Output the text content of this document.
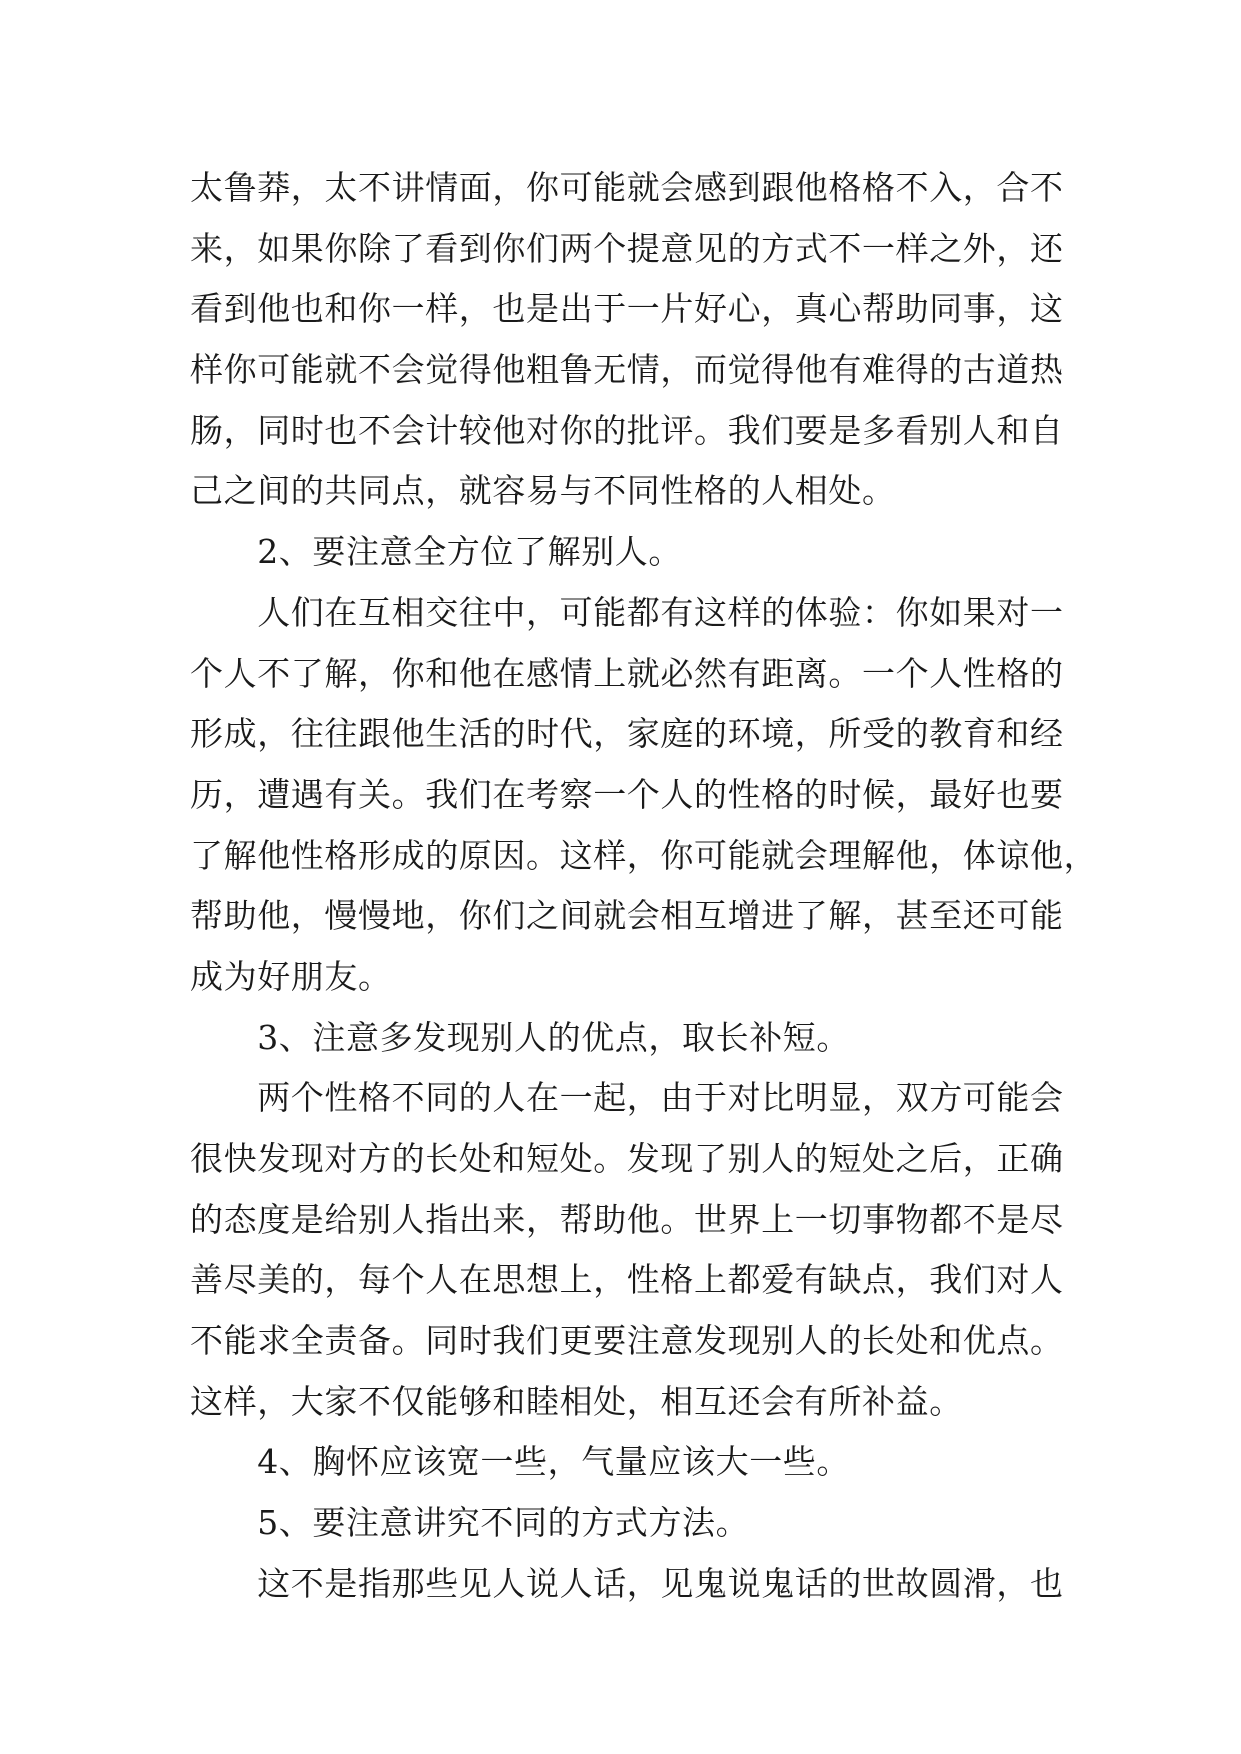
太鲁莽，太不讲情面，你可能就会感到跟他格格不入，合不
来，如果你除了看到你们两个提意见的方式不一样之外，还
看到他也和你一样，也是出于一片好心，真心帮助同事，这
样你可能就不会觉得他粗鲁无情，而觉得他有难得的古道热
肠，同时也不会计较他对你的批评。我们要是多看别人和自
己之间的共同点，就容易与不同性格的人相处。
　　2、要注意全方位了解别人。
　　人们在互相交往中，可能都有这样的体验：你如果对一
个人不了解，你和他在感情上就必然有距离。一个人性格的
形成，往往跟他生活的时代，家庭的环境，所受的教育和经
历，遭遇有关。我们在考察一个人的性格的时候，最好也要
了解他性格形成的原因。这样，你可能就会理解他，体谅他，
帮助他，慢慢地，你们之间就会相互增进了解，甚至还可能
成为好朋友。
　　3、注意多发现别人的优点，取长补短。
　　两个性格不同的人在一起，由于对比明显，双方可能会
很快发现对方的长处和短处。发现了别人的短处之后，正确
的态度是给别人指出来，帮助他。世界上一切事物都不是尽
善尽美的，每个人在思想上，性格上都爱有缺点，我们对人
不能求全责备。同时我们更要注意发现别人的长处和优点。
这样，大家不仅能够和睦相处，相互还会有所补益。
　　4、胸怀应该宽一些，气量应该大一些。
　　5、要注意讲究不同的方式方法。
　　这不是指那些见人说人话，见鬼说鬼话的世故圆滑，也
